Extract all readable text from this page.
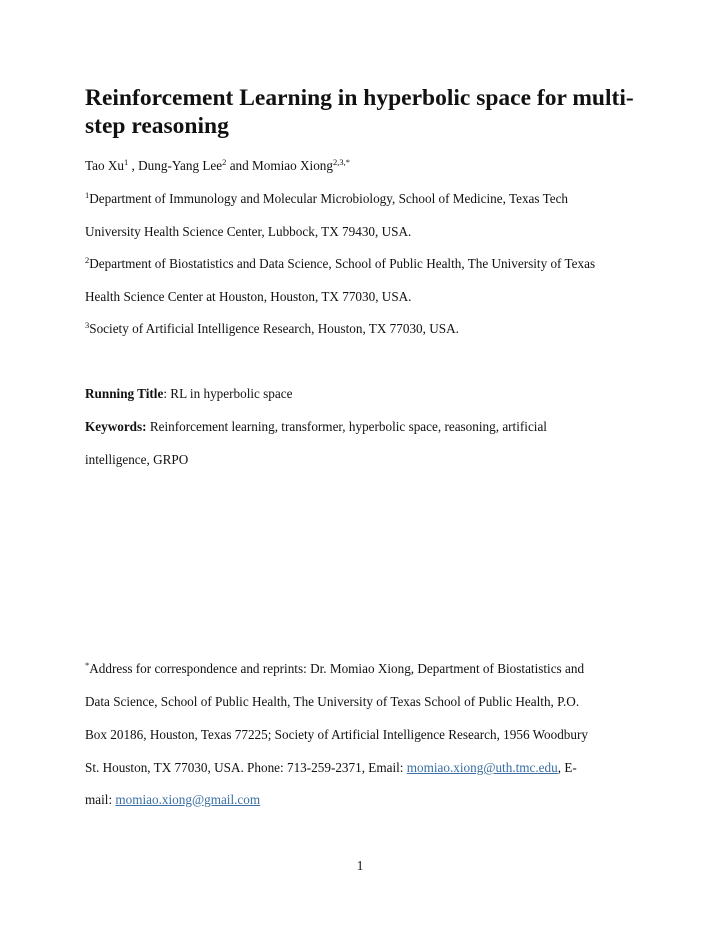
Reinforcement Learning in hyperbolic space for multi-step reasoning
Tao Xu$^1$ , Dung-Yang Lee$^2$ and Momiao Xiong$^{2,3,*}$
$^1$Department of Immunology and Molecular Microbiology, School of Medicine, Texas Tech
University Health Science Center, Lubbock, TX 79430, USA.
$^2$Department of Biostatistics and Data Science, School of Public Health, The University of Texas
Health Science Center at Houston, Houston, TX 77030, USA.
$^3$Society of Artificial Intelligence Research, Houston, TX 77030, USA.
Running Title: RL in hyperbolic space
Keywords: Reinforcement learning, transformer, hyperbolic space, reasoning, artificial
intelligence, GRPO
*Address for correspondence and reprints: Dr. Momiao Xiong, Department of Biostatistics and
Data Science, School of Public Health, The University of Texas School of Public Health, P.O.
Box 20186, Houston, Texas 77225; Society of Artificial Intelligence Research, 1956 Woodbury
St. Houston, TX 77030, USA. Phone: 713-259-2371, Email: momiao.xiong@uth.tmc.edu, E-
mail: momiao.xiong@gmail.com
1
